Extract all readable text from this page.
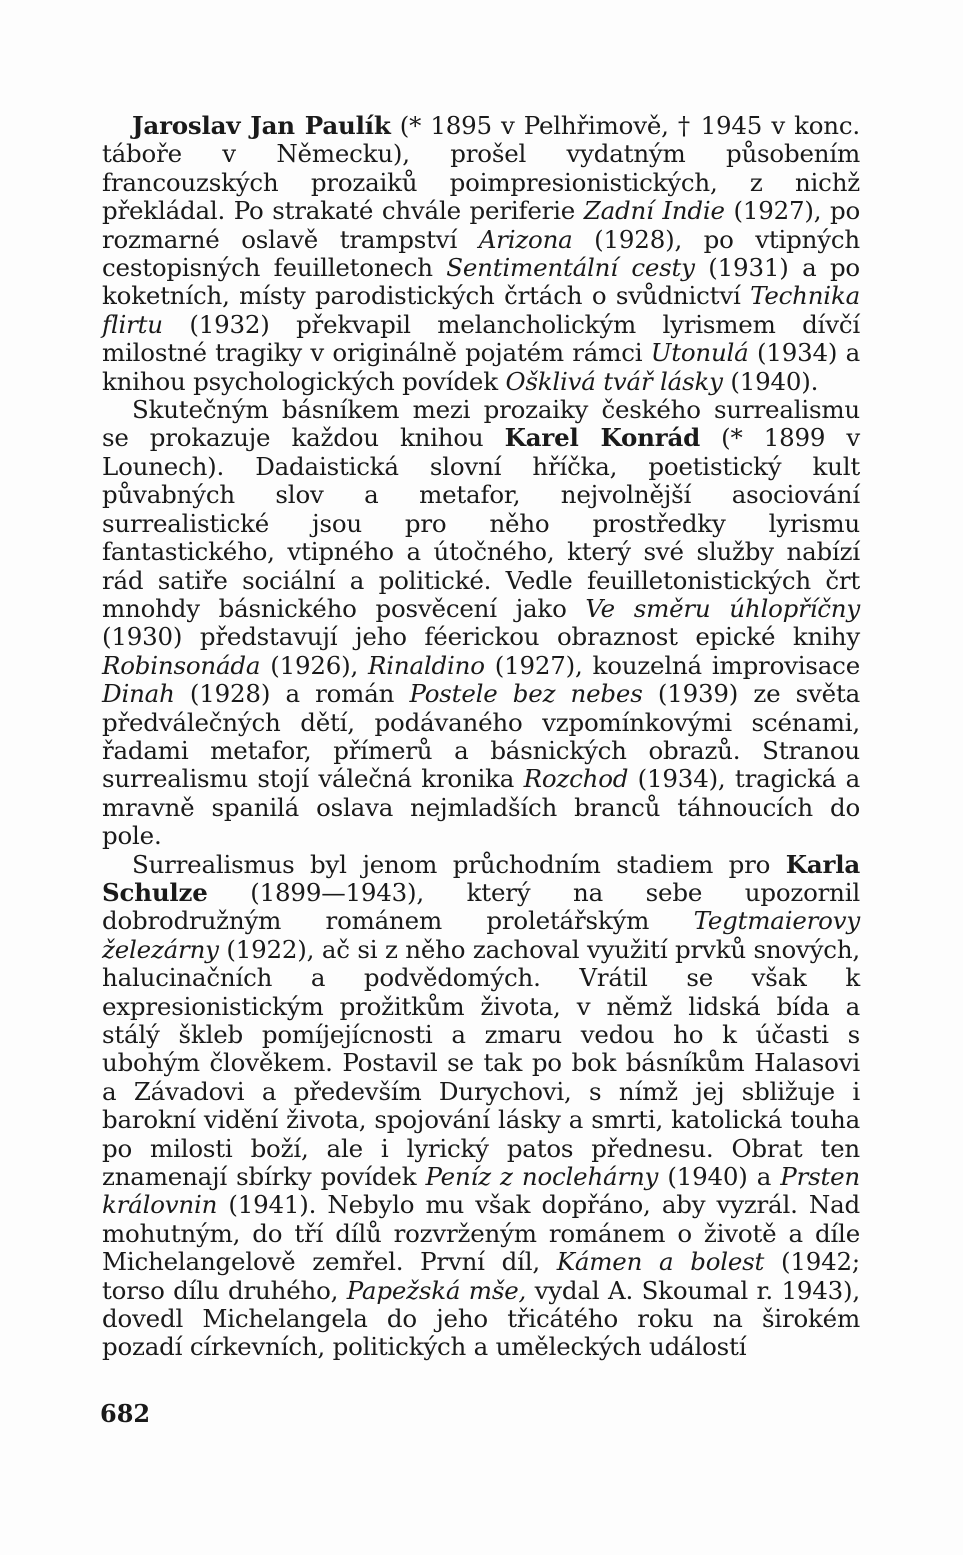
Jaroslav Jan Paulík (* 1895 v Pelhřimově, † 1945 v konc. táboře v Německu), prošel vydatným působením francouzských prozaiků poimpresionistických, z nichž překládal. Po strakaté chvále periferie Zadní Indie (1927), po rozmarné oslavě trampství Arizona (1928), po vtipných cestopisných feuilletonech Sentimentální cesty (1931) a po koketních, místy parodistických črtách o svůdnictví Technika flirtu (1932) překvapil melancholickým lyrismem dívčí milostné tragiky v originálně pojatém rámci Utonulá (1934) a knihou psychologických povídek Ošklivá tvář lásky (1940).

Skutečným básníkem mezi prozaiky českého surrealismu se prokazuje každou knihou Karel Konrád (* 1899 v Lounech). Dadaistická slovní hříčka, poetistický kult půvabných slov a metafor, nejvolnější asociování surrealistické jsou pro něho prostředky lyrismu fantastického, vtipného a útočného, který své služby nabízí rád satiře sociální a politické. Vedle feuilletonistických črt mnohdy básnického posvěcení jako Ve směru úhlopříčny (1930) představují jeho féerickou obraznost epické knihy Robinsonáda (1926), Rinaldino (1927), kouzelná improvisace Dinah (1928) a román Postele bez nebes (1939) ze světa předválečných dětí, podávaného vzpomínkovými scénami, řadami metafor, přímerů a básnických obrazů. Stranou surrealismu stojí válečná kronika Rozchod (1934), tragická a mravně spanilá oslava nejmladších branců táhnoucích do pole.

Surrealismus byl jenom průchodním stadiem pro Karla Schulze (1899—1943), který na sebe upozornil dobrodružným románem proletářským Tegtmaierovy železárny (1922), ač si z něho zachoval využití prvků snových, halucinačních a podvědomých. Vrátil se však k expresionistickým prožitkům života, v němž lidská bída a stálý škleb pomíjejícnosti a zmaru vedou ho k účasti s ubohým člověkem. Postavil se tak po bok básníkům Halasovi a Závadovi a především Durychovi, s nímž jej sbližuje i barokní vidění života, spojování lásky a smrti, katolická touha po milosti boží, ale i lyrický patos přednesu. Obrat ten znamenají sbírky povídek Peníz z noclehárny (1940) a Prsten královnin (1941). Nebylo mu však dopřáno, aby vyzrál. Nad mohutným, do tří dílů rozvrženým románem o životě a díle Michelangelově zemřel. První díl, Kámen a bolest (1942; torso dílu druhého, Papežská mše, vydal A. Skoumal r. 1943), dovedl Michelangela do jeho třicátého roku na širokém pozadí církevních, politických a uměleckých událostí

682
